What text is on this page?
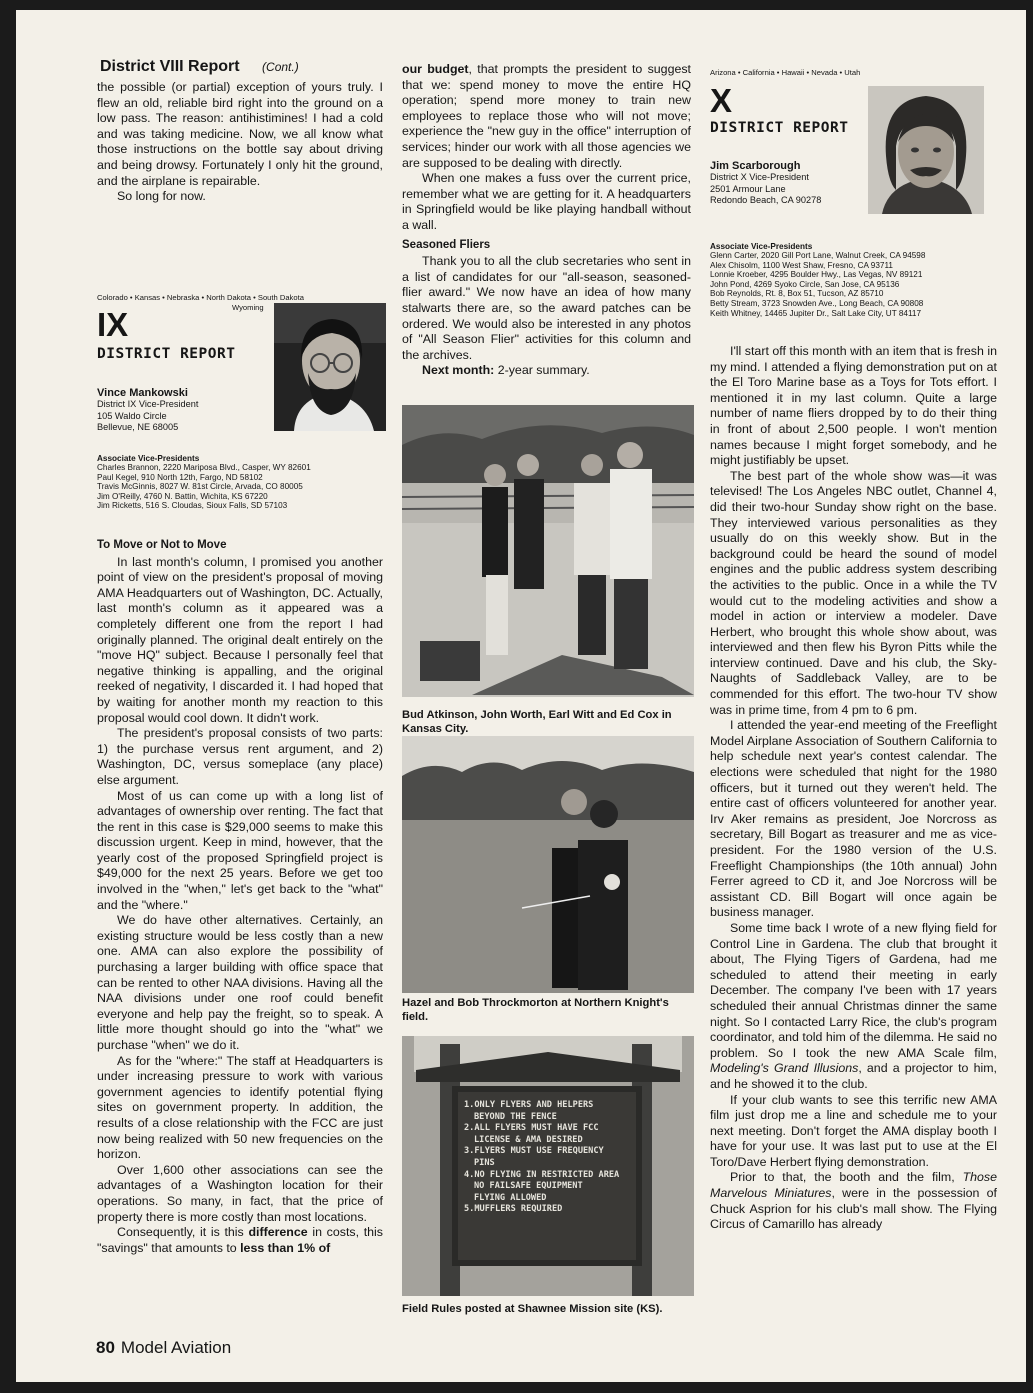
District VIII Report (Cont.)

the possible (or partial) exception of yours truly. I flew an old, reliable bird right into the ground on a low pass. The reason: antihistimines! I had a cold and was taking medicine. Now, we all know what those instructions on the bottle say about driving and being drowsy. Fortunately I only hit the ground, and the airplane is repairable.

So long for now.

Colorado • Kansas • Nebraska • North Dakota • South Dakota
Wyoming
IX
DISTRICT REPORT
Vince Mankowski
District IX Vice-President
105 Waldo Circle
Bellevue, NE 68005
Associate Vice-Presidents
Charles Brannon, 2220 Mariposa Blvd., Casper, WY 82601
Paul Kegel, 910 North 12th, Fargo, ND 58102
Travis McGinnis, 8027 W. 81st Circle, Arvada, CO 80005
Jim O'Reilly, 4760 N. Battin, Wichita, KS 67220
Jim Ricketts, 516 S. Cloudas, Sioux Falls, SD 57103
To Move or Not to Move

In last month's column, I promised you another point of view on the president's proposal of moving AMA Headquarters out of Washington, DC. Actually, last month's column as it appeared was a completely different one from the report I had originally planned. The original dealt entirely on the "move HQ" subject. Because I personally feel that negative thinking is appalling, and the original reeked of negativity, I discarded it. I had hoped that by waiting for another month my reaction to this proposal would cool down. It didn't work.

The president's proposal consists of two parts: 1) the purchase versus rent argument, and 2) Washington, DC, versus someplace (any place) else argument.

Most of us can come up with a long list of advantages of ownership over renting. The fact that the rent in this case is $29,000 seems to make this discussion urgent. Keep in mind, however, that the yearly cost of the proposed Springfield project is $49,000 for the next 25 years. Before we get too involved in the "when," let's get back to the "what" and the "where."

We do have other alternatives. Certainly, an existing structure would be less costly than a new one. AMA can also explore the possibility of purchasing a larger building with office space that can be rented to other NAA divisions. Having all the NAA divisions under one roof could benefit everyone and help pay the freight, so to speak. A little more thought should go into the "what" we purchase "when" we do it.

As for the "where:" The staff at Headquarters is under increasing pressure to work with various government agencies to identify potential flying sites on government property. In addition, the results of a close relationship with the FCC are just now being realized with 50 new frequencies on the horizon.

Over 1,600 other associations can see the advantages of a Washington location for their operations. So many, in fact, that the price of property there is more costly than most locations.

Consequently, it is this difference in costs, this "savings" that amounts to less than 1% of

our budget, that prompts the president to suggest that we: spend money to move the entire HQ operation; spend more money to train new employees to replace those who will not move; experience the "new guy in the office" interruption of services; hinder our work with all those agencies we are supposed to be dealing with directly.

When one makes a fuss over the current price, remember what we are getting for it. A headquarters in Springfield would be like playing handball without a wall.

Seasoned Fliers

Thank you to all the club secretaries who sent in a list of candidates for our "all-season, seasoned-flier award." We now have an idea of how many stalwarts there are, so the award patches can be ordered. We would also be interested in any photos of "All Season Flier" activities for this column and the archives.

Next month: 2-year summary.

Bud Atkinson, John Worth, Earl Witt and Ed Cox in Kansas City.
Hazel and Bob Throckmorton at Northern Knight's field.
1.ONLY FLYERS AND HELPERS
BEYOND THE FENCE
2.ALL FLYERS MUST HAVE FCC
LICENSE & AMA DESIRED
3.FLYERS MUST USE FREQUENCY
PINS
4.NO FLYING IN RESTRICTED AREA
NO FAILSAFE EQUIPMENT
FLYING ALLOWED
5.MUFFLERS REQUIRED
Field Rules posted at Shawnee Mission site (KS).
Arizona • California • Hawaii • Nevada • Utah
X
DISTRICT REPORT
Jim Scarborough
District X Vice-President
2501 Armour Lane
Redondo Beach, CA 90278
Associate Vice-Presidents
Glenn Carter, 2020 Gill Port Lane, Walnut Creek, CA 94598
Alex Chisolm, 1100 West Shaw, Fresno, CA 93711
Lonnie Kroeber, 4295 Boulder Hwy., Las Vegas, NV 89121
John Pond, 4269 Syoko Circle, San Jose, CA 95136
Bob Reynolds, Rt. 8, Box 51, Tucson, AZ 85710
Betty Stream, 3723 Snowden Ave., Long Beach, CA 90808
Keith Whitney, 14465 Jupiter Dr., Salt Lake City, UT 84117

I'll start off this month with an item that is fresh in my mind. I attended a flying demonstration put on at the El Toro Marine base as a Toys for Tots effort. I mentioned it in my last column. Quite a large number of name fliers dropped by to do their thing in front of about 2,500 people. I won't mention names because I might forget somebody, and he might justifiably be upset.

The best part of the whole show was—it was televised! The Los Angeles NBC outlet, Channel 4, did their two-hour Sunday show right on the base. They interviewed various personalities as they usually do on this weekly show. But in the background could be heard the sound of model engines and the public address system describing the activities to the public. Once in a while the TV would cut to the modeling activities and show a model in action or interview a modeler. Dave Herbert, who brought this whole show about, was interviewed and then flew his Byron Pitts while the interview continued. Dave and his club, the Sky-Naughts of Saddleback Valley, are to be commended for this effort. The two-hour TV show was in prime time, from 4 pm to 6 pm.

I attended the year-end meeting of the Freeflight Model Airplane Association of Southern California to help schedule next year's contest calendar. The elections were scheduled that night for the 1980 officers, but it turned out they weren't held. The entire cast of officers volunteered for another year. Irv Aker remains as president, Joe Norcross as secretary, Bill Bogart as treasurer and me as vice-president. For the 1980 version of the U.S. Freeflight Championships (the 10th annual) John Ferrer agreed to CD it, and Joe Norcross will be assistant CD. Bill Bogart will once again be business manager.

Some time back I wrote of a new flying field for Control Line in Gardena. The club that brought it about, The Flying Tigers of Gardena, had me scheduled to attend their meeting in early December. The company I've been with 17 years scheduled their annual Christmas dinner the same night. So I contacted Larry Rice, the club's program coordinator, and told him of the dilemma. He said no problem. So I took the new AMA Scale film, Modeling's Grand Illusions, and a projector to him, and he showed it to the club.

If your club wants to see this terrific new AMA film just drop me a line and schedule me to your next meeting. Don't forget the AMA display booth I have for your use. It was last put to use at the El Toro/Dave Herbert flying demonstration.

Prior to that, the booth and the film, Those Marvelous Miniatures, were in the possession of Chuck Asprion for his club's mall show. The Flying Circus of Camarillo has already

80 Model Aviation
